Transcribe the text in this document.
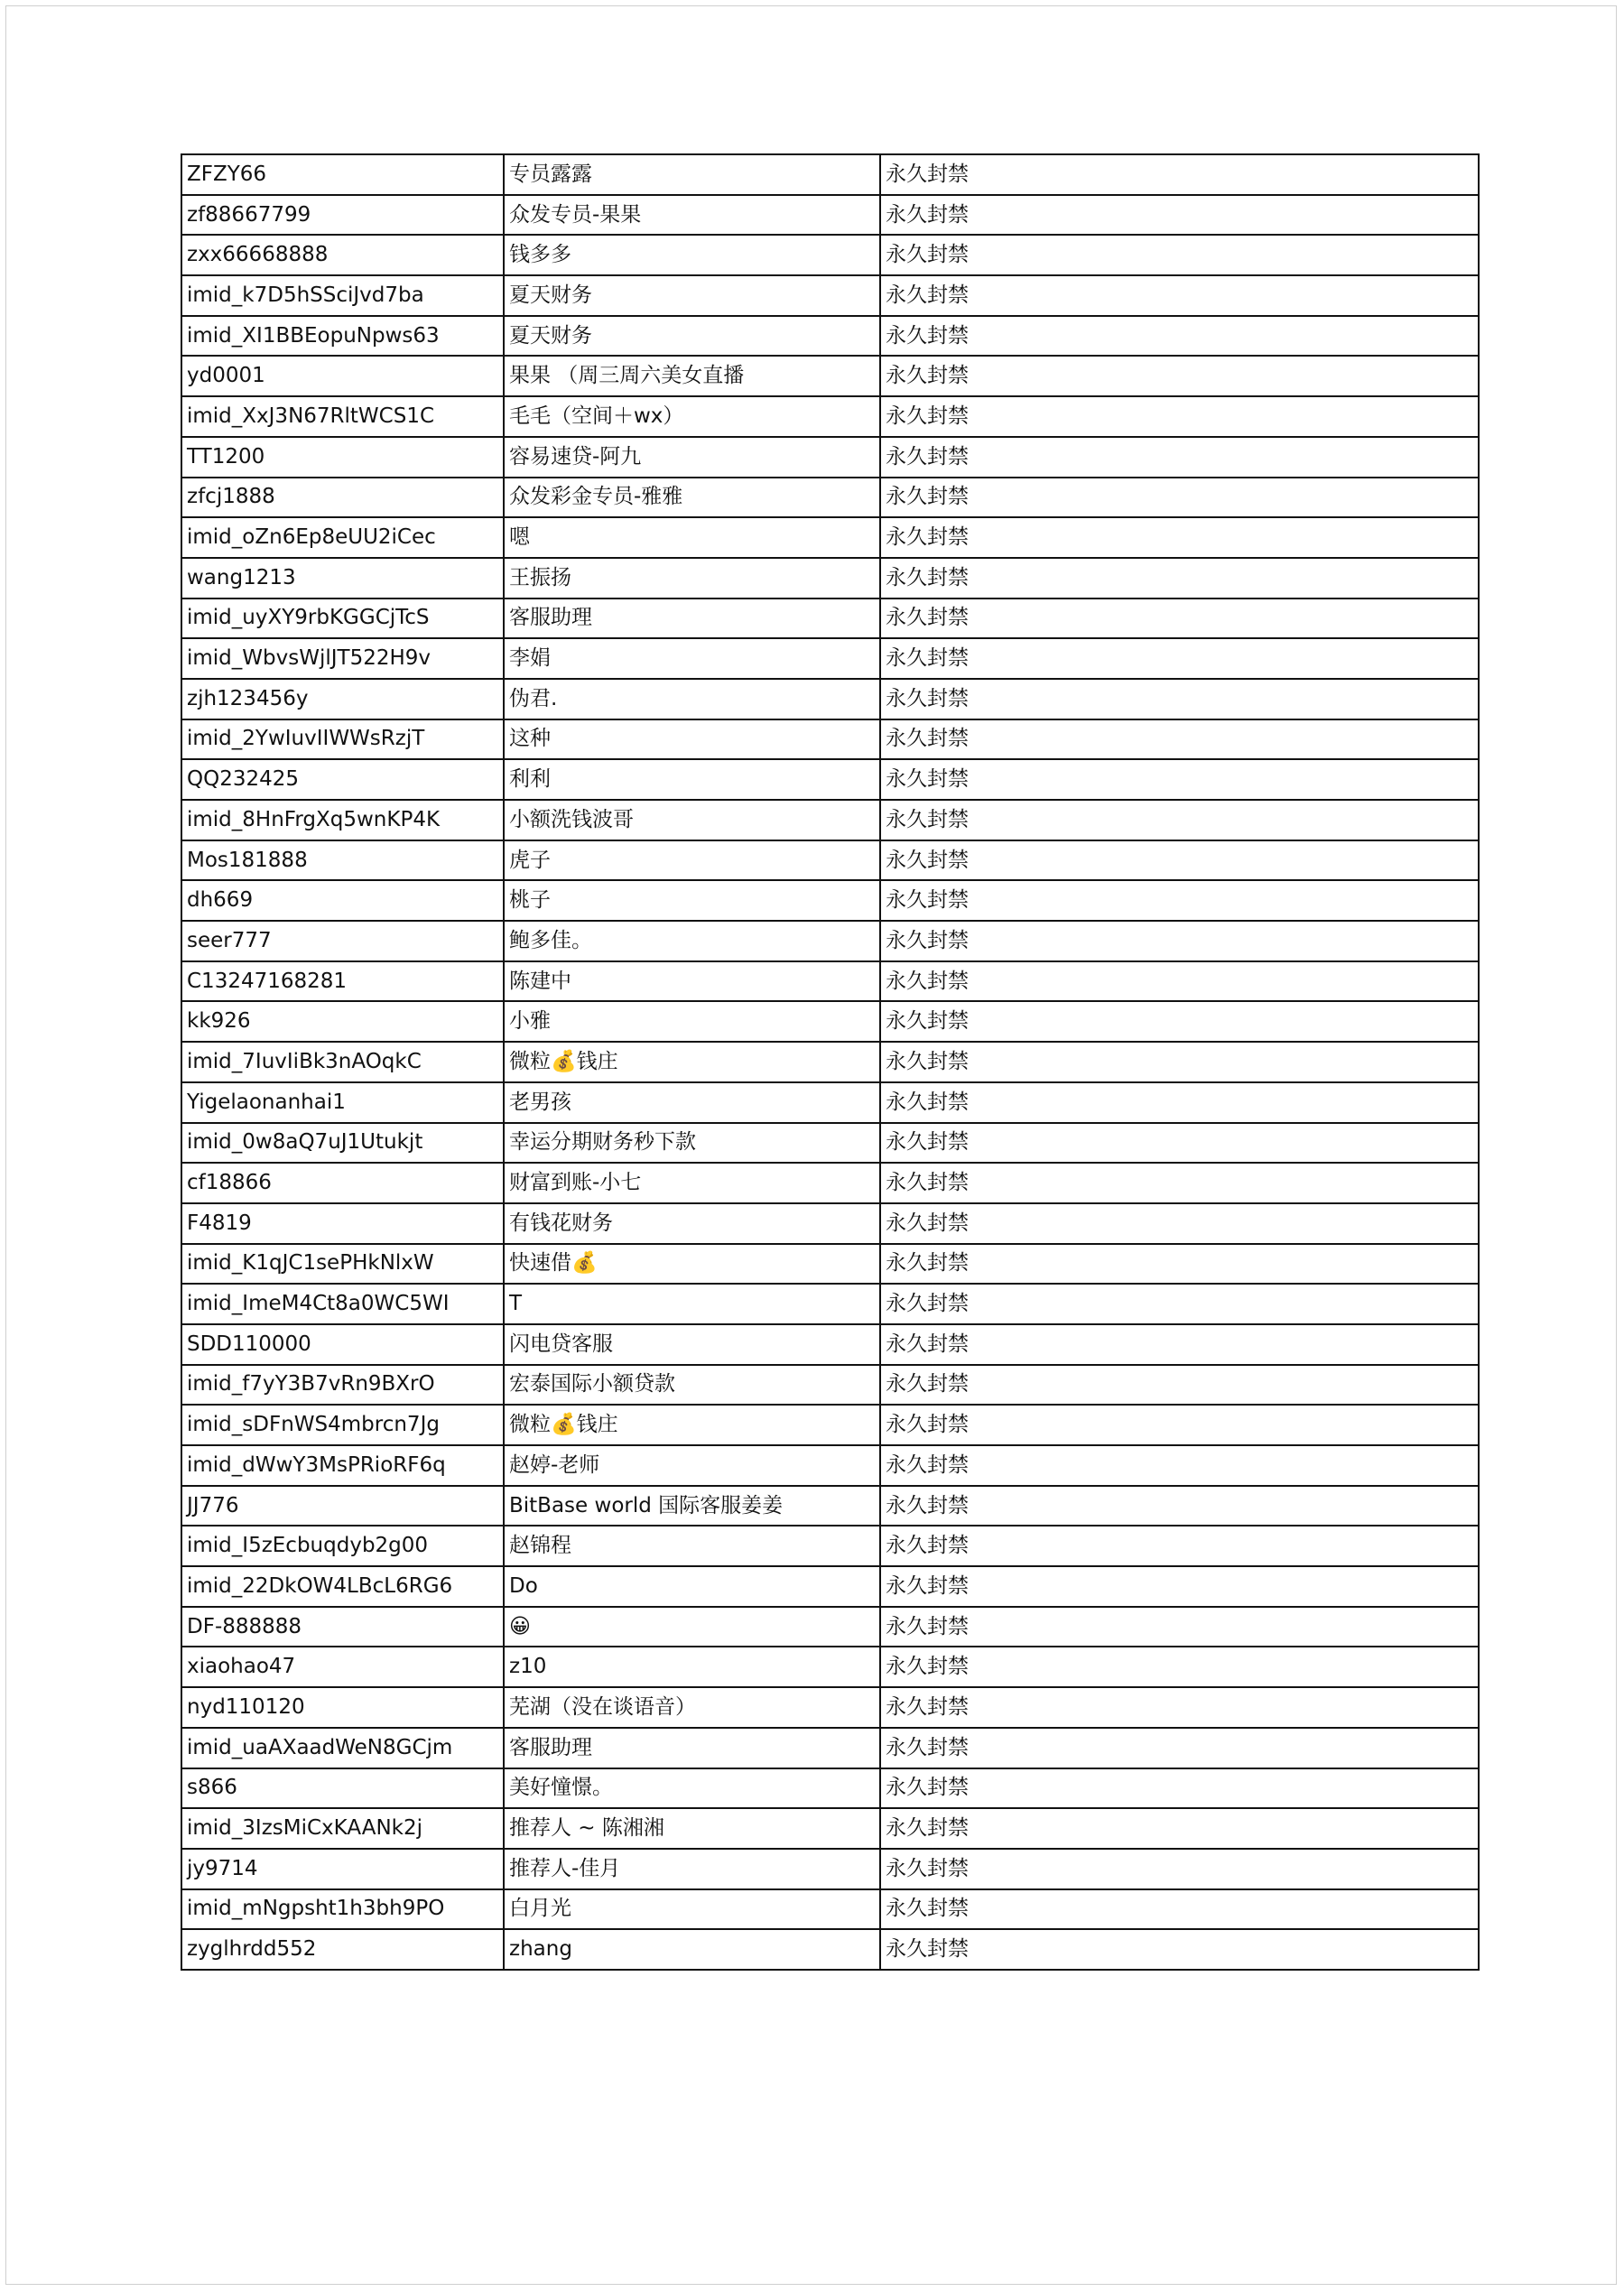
ZFZY66	专员露露	永久封禁
zf88667799	众发专员-果果	永久封禁
zxx66668888	钱多多	永久封禁
imid_k7D5hSSciJvd7ba	夏天财务	永久封禁
imid_XI1BBEopuNpws63	夏天财务	永久封禁
yd0001	果果 （周三周六美女直播	永久封禁
imid_XxJ3N67RltWCS1C	毛毛（空间＋wx）	永久封禁
TT1200	容易速贷-阿九	永久封禁
zfcj1888	众发彩金专员-雅雅	永久封禁
imid_oZn6Ep8eUU2iCec	嗯	永久封禁
wang1213	王振扬	永久封禁
imid_uyXY9rbKGGCjTcS	客服助理	永久封禁
imid_WbvsWjlJT522H9v	李娟	永久封禁
zjh123456y	伪君.	永久封禁
imid_2YwIuvIIWWsRzjT	这种	永久封禁
QQ232425	利利	永久封禁
imid_8HnFrgXq5wnKP4K	小额洗钱波哥	永久封禁
Mos181888	虎子	永久封禁
dh669	桃子	永久封禁
seer777	鲍多佳。	永久封禁
C13247168281	陈建中	永久封禁
kk926	小雅	永久封禁
imid_7IuvIiBk3nAOqkC	微粒💰钱庄	永久封禁
Yigelaonanhai1	老男孩	永久封禁
imid_0w8aQ7uJ1Utukjt	幸运分期财务秒下款	永久封禁
cf18866	财富到账-小七	永久封禁
F4819	有钱花财务	永久封禁
imid_K1qJC1sePHkNlxW	快速借💰	永久封禁
imid_ImeM4Ct8a0WC5WI	T	永久封禁
SDD110000	闪电贷客服	永久封禁
imid_f7yY3B7vRn9BXrO	宏泰国际小额贷款	永久封禁
imid_sDFnWS4mbrcn7Jg	微粒💰钱庄	永久封禁
imid_dWwY3MsPRioRF6q	赵婷-老师	永久封禁
JJ776	BitBase world 国际客服姜姜	永久封禁
imid_I5zEcbuqdyb2g00	赵锦程	永久封禁
imid_22DkOW4LBcL6RG6	Do	永久封禁
DF-888888	😀	永久封禁
xiaohao47	z10	永久封禁
nyd110120	芜湖（没在谈语音）	永久封禁
imid_uaAXaadWeN8GCjm	客服助理	永久封禁
s866	美好憧憬。	永久封禁
imid_3IzsMiCxKAANk2j	推荐人 ~ 陈湘湘	永久封禁
jy9714	推荐人-佳月	永久封禁
imid_mNgpsht1h3bh9PO	白月光	永久封禁
zyglhrdd552	zhang	永久封禁
